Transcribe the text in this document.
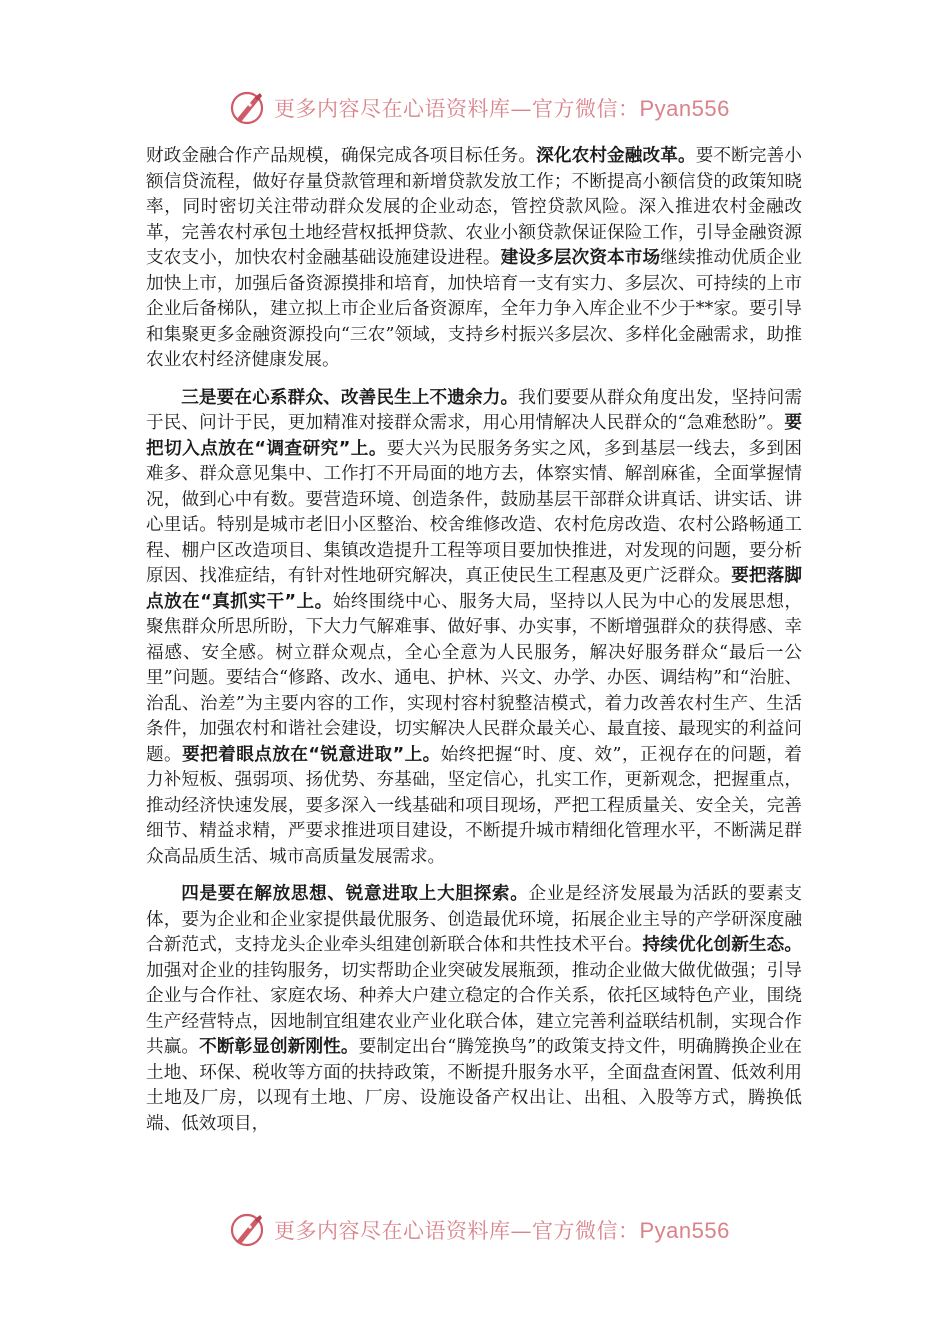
更多内容尽在心语资料库—官方微信：Pyan556

财政金融合作产品规模，确保完成各项目标任务。深化农村金融改革。要不断完善小额信贷流程，做好存量贷款管理和新增贷款发放工作；不断提高小额信贷的政策知晓率，同时密切关注带动群众发展的企业动态，管控贷款风险。深入推进农村金融改革，完善农村承包土地经营权抵押贷款、农业小额贷款保证保险工作，引导金融资源支农支小，加快农村金融基础设施建设进程。建设多层次资本市场继续推动优质企业加快上市，加强后备资源摸排和培育，加快培育一支有实力、多层次、可持续的上市企业后备梯队，建立拟上市企业后备资源库，全年力争入库企业不少于**家。要引导和集聚更多金融资源投向“三农”领域，支持乡村振兴多层次、多样化金融需求，助推农业农村经济健康发展。

三是要在心系群众、改善民生上不遗余力。我们要要从群众角度出发，坚持问需于民、问计于民，更加精准对接群众需求，用心用情解决人民群众的“急难愁盼”。要把切入点放在“调查研究”上。要大兴为民服务务实之风，多到基层一线去，多到困难多、群众意见集中、工作打不开局面的地方去，体察实情、解剖麻雀，全面掌握情况，做到心中有数。要营造环境、创造条件，鼓励基层干部群众讲真话、讲实话、讲心里话。特别是城市老旧小区整治、校舍维修改造、农村危房改造、农村公路畅通工程、棚户区改造项目、集镇改造提升工程等项目要加快推进，对发现的问题，要分析原因、找准症结，有针对性地研究解决，真正使民生工程惠及更广泛群众。要把落脚点放在“真抓实干”上。始终围绕中心、服务大局，坚持以人民为中心的发展思想，聚焦群众所思所盼，下大力气解难事、做好事、办实事，不断增强群众的获得感、幸福感、安全感。树立群众观点，全心全意为人民服务，解决好服务群众“最后一公里”问题。要结合“修路、改水、通电、护林、兴文、办学、办医、调结构”和“治脏、治乱、治差”为主要内容的工作，实现村容村貌整洁模式，着力改善农村生产、生活条件，加强农村和谐社会建设，切实解决人民群众最关心、最直接、最现实的利益问题。要把着眼点放在“锐意进取”上。始终把握“时、度、效”，正视存在的问题，着力补短板、强弱项、扬优势、夯基础，坚定信心，扎实工作，更新观念，把握重点，推动经济快速发展，要多深入一线基础和项目现场，严把工程质量关、安全关，完善细节、精益求精，严要求推进项目建设，不断提升城市精细化管理水平，不断满足群众高品质生活、城市高质量发展需求。

四是要在解放思想、锐意进取上大胆探索。企业是经济发展最为活跃的要素支体，要为企业和企业家提供最优服务、创造最优环境，拓展企业主导的产学研深度融合新范式，支持龙头企业牵头组建创新联合体和共性技术平台。持续优化创新生态。加强对企业的挂钩服务，切实帮助企业突破发展瓶颈，推动企业做大做优做强；引导企业与合作社、家庭农场、种养大户建立稳定的合作关系，依托区域特色产业，围绕生产经营特点，因地制宜组建农业产业化联合体，建立完善利益联结机制，实现合作共赢。不断彰显创新刚性。要制定出台“腾笼换鸟”的政策支持文件，明确腾换企业在土地、环保、税收等方面的扶持政策，不断提升服务水平，全面盘查闲置、低效利用土地及厂房，以现有土地、厂房、设施设备产权出让、出租、入股等方式，腾换低端、低效项目，

更多内容尽在心语资料库—官方微信：Pyan556
